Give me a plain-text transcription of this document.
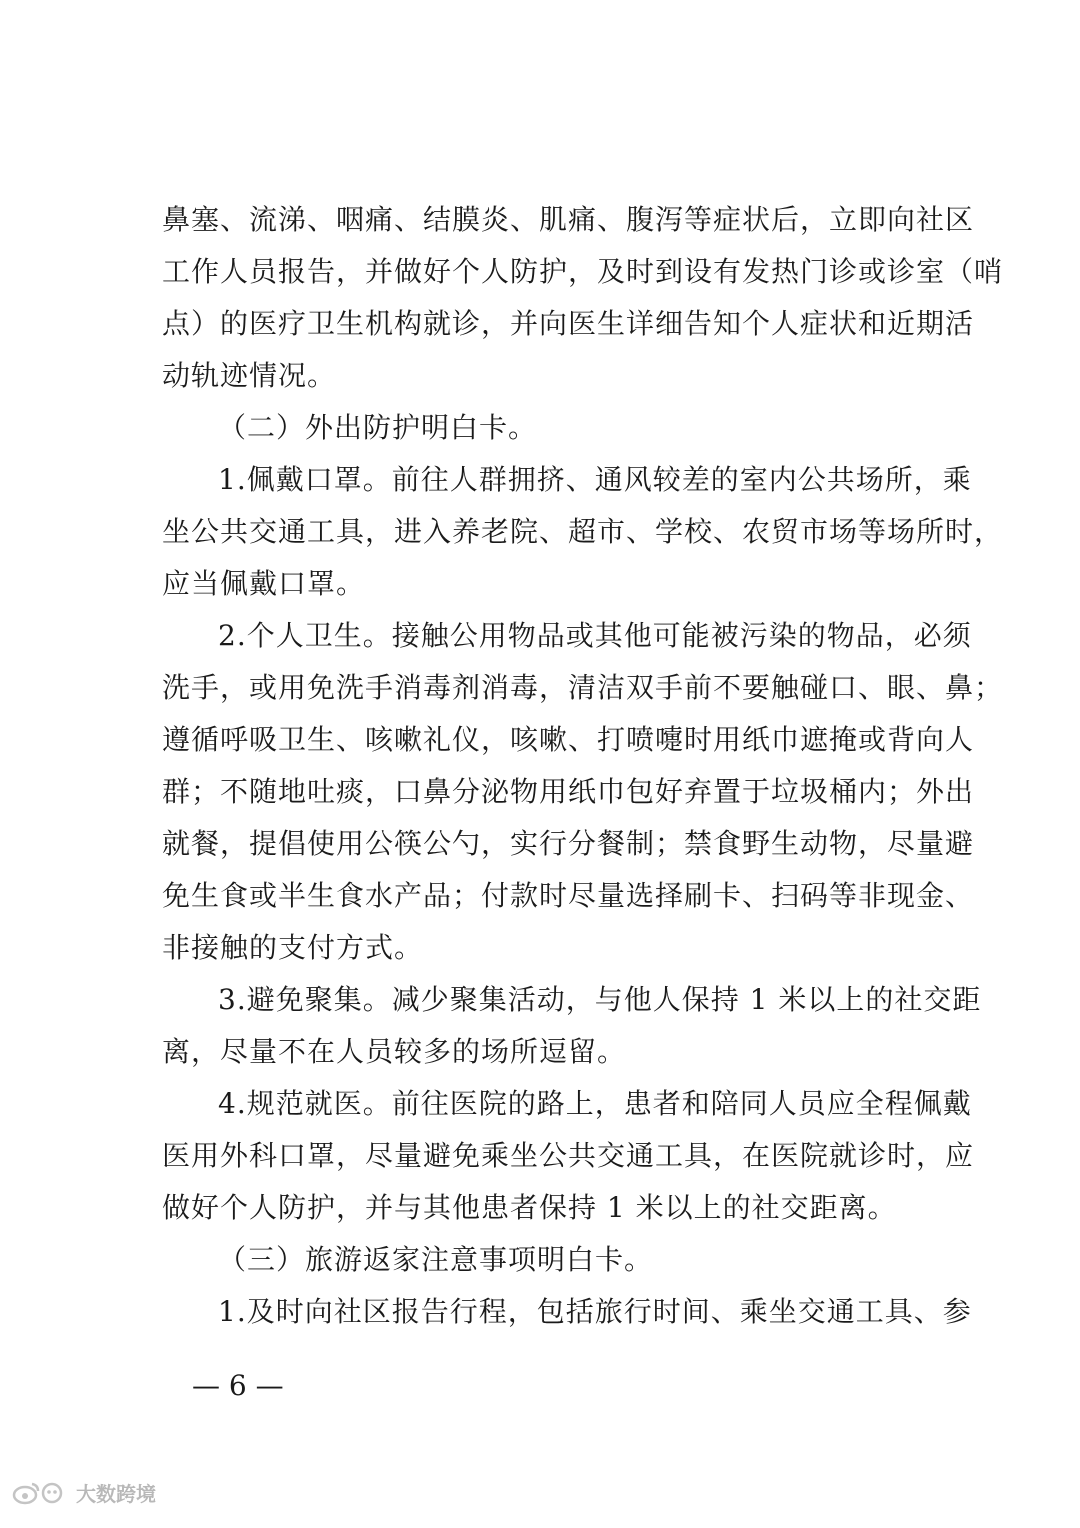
鼻塞、流涕、咽痛、结膜炎、肌痛、腹泻等症状后，立即向社区
工作人员报告，并做好个人防护，及时到设有发热门诊或诊室（哨
点）的医疗卫生机构就诊，并向医生详细告知个人症状和近期活
动轨迹情况。
（二）外出防护明白卡。
1.佩戴口罩。前往人群拥挤、通风较差的室内公共场所，乘
坐公共交通工具，进入养老院、超市、学校、农贸市场等场所时，
应当佩戴口罩。
2.个人卫生。接触公用物品或其他可能被污染的物品，必须
洗手，或用免洗手消毒剂消毒，清洁双手前不要触碰口、眼、鼻；
遵循呼吸卫生、咳嗽礼仪，咳嗽、打喷嚏时用纸巾遮掩或背向人
群；不随地吐痰，口鼻分泌物用纸巾包好弃置于垃圾桶内；外出
就餐，提倡使用公筷公勺，实行分餐制；禁食野生动物，尽量避
免生食或半生食水产品；付款时尽量选择刷卡、扫码等非现金、
非接触的支付方式。
3.避免聚集。减少聚集活动，与他人保持 1 米以上的社交距
离，尽量不在人员较多的场所逗留。
4.规范就医。前往医院的路上，患者和陪同人员应全程佩戴
医用外科口罩，尽量避免乘坐公共交通工具，在医院就诊时，应
做好个人防护，并与其他患者保持 1 米以上的社交距离。
（三）旅游返家注意事项明白卡。
1.及时向社区报告行程，包括旅行时间、乘坐交通工具、参
— 6 —
大数跨境
